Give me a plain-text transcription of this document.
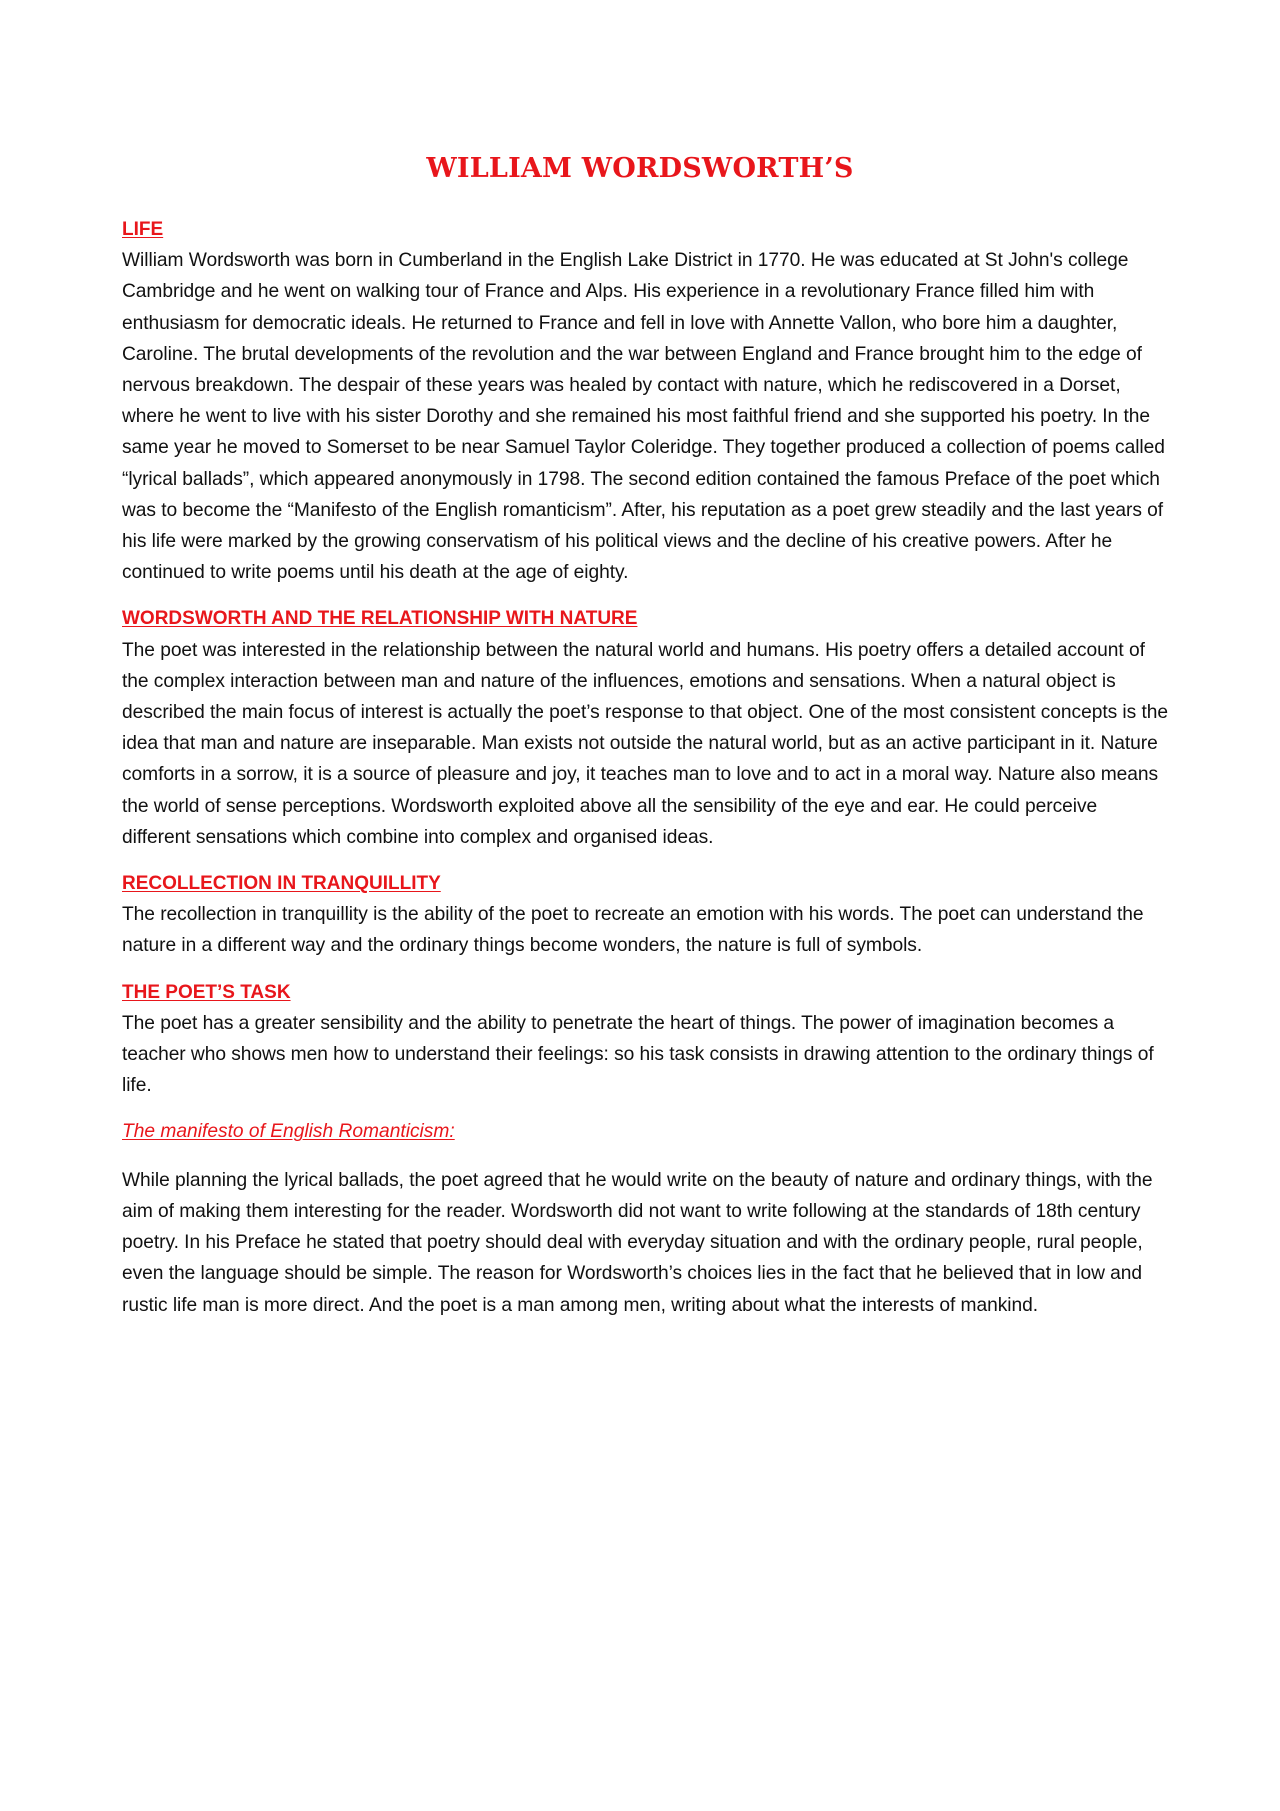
WILLIAM WORDSWORTH’S
LIFE

William Wordsworth was born in Cumberland in the English Lake District in 1770. He was educated at St John's college Cambridge and he went on walking tour of France and Alps. His experience in a revolutionary France filled him with enthusiasm for democratic ideals. He returned to France and fell in love with Annette Vallon, who bore him a daughter, Caroline. The brutal developments of the revolution and the war between England and France brought him to the edge of nervous breakdown. The despair of these years was healed by contact with nature, which he rediscovered in a Dorset, where he went to live with his sister Dorothy and she remained his most faithful friend and she supported his poetry. In the same year he moved to Somerset to be near Samuel Taylor Coleridge. They together produced a collection of poems called “lyrical ballads”, which appeared anonymously in 1798. The second edition contained the famous Preface of the poet which was to become the “Manifesto of the English romanticism”. After, his reputation as a poet grew steadily and the last years of his life were marked by the growing conservatism of his political views and the decline of his creative powers. After he continued to write poems until his death at the age of eighty.

WORDSWORTH AND THE RELATIONSHIP WITH NATURE

The poet was interested in the relationship between the natural world and humans. His poetry offers a detailed account of the complex interaction between man and nature of the influences, emotions and sensations. When a natural object is described the main focus of interest is actually the poet’s response to that object. One of the most consistent concepts is the idea that man and nature are inseparable. Man exists not outside the natural world, but as an active participant in it. Nature comforts in a sorrow, it is a source of pleasure and joy, it teaches man to love and to act in a moral way. Nature also means the world of sense perceptions. Wordsworth exploited above all the sensibility of the eye and ear. He could perceive different sensations which combine into complex and organised ideas.

RECOLLECTION IN TRANQUILLITY

The recollection in tranquillity is the ability of the poet to recreate an emotion with his words. The poet can understand the nature in a different way and the ordinary things become wonders, the nature is full of symbols.

THE POET’S TASK

The poet has a greater sensibility and the ability to penetrate the heart of things. The power of imagination becomes a teacher who shows men how to understand their feelings: so his task consists in drawing attention to the ordinary things of life.

The manifesto of English Romanticism:

While planning the lyrical ballads, the poet agreed that he would write on the beauty of nature and ordinary things, with the aim of making them interesting for the reader. Wordsworth did not want to write following at the standards of 18th century poetry. In his Preface he stated that poetry should deal with everyday situation and with the ordinary people, rural people, even the language should be simple. The reason for Wordsworth’s choices lies in the fact that he believed that in low and rustic life man is more direct. And the poet is a man among men, writing about what the interests of mankind.
